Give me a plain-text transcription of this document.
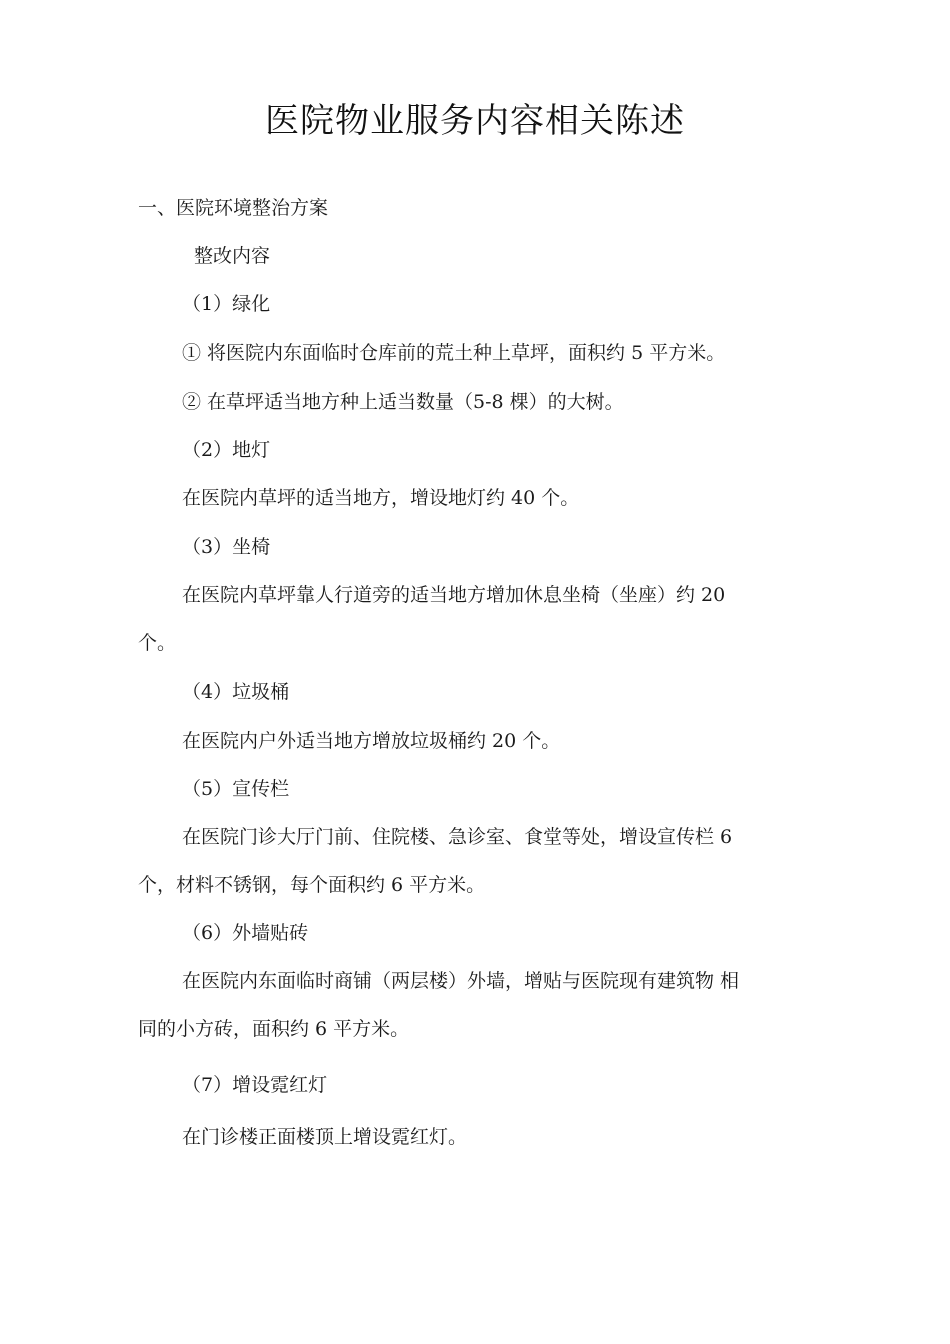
医院物业服务内容相关陈述
一、医院环境整治方案
整改内容
（1）绿化
① 将医院内东面临时仓库前的荒土种上草坪，面积约 5 平方米。
② 在草坪适当地方种上适当数量（5-8 棵）的大树。
（2）地灯
在医院内草坪的适当地方，增设地灯约 40 个。
（3）坐椅
在医院内草坪靠人行道旁的适当地方增加休息坐椅（坐座）约 20
个。
（4）垃圾桶
在医院内户外适当地方增放垃圾桶约 20 个。
（5）宣传栏
在医院门诊大厅门前、住院楼、急诊室、食堂等处，增设宣传栏 6
个，材料不锈钢，每个面积约 6 平方米。
（6）外墙贴砖
在医院内东面临时商铺（两层楼）外墙，增贴与医院现有建筑物 相
同的小方砖，面积约 6 平方米。
（7）增设霓红灯
在门诊楼正面楼顶上增设霓红灯。
